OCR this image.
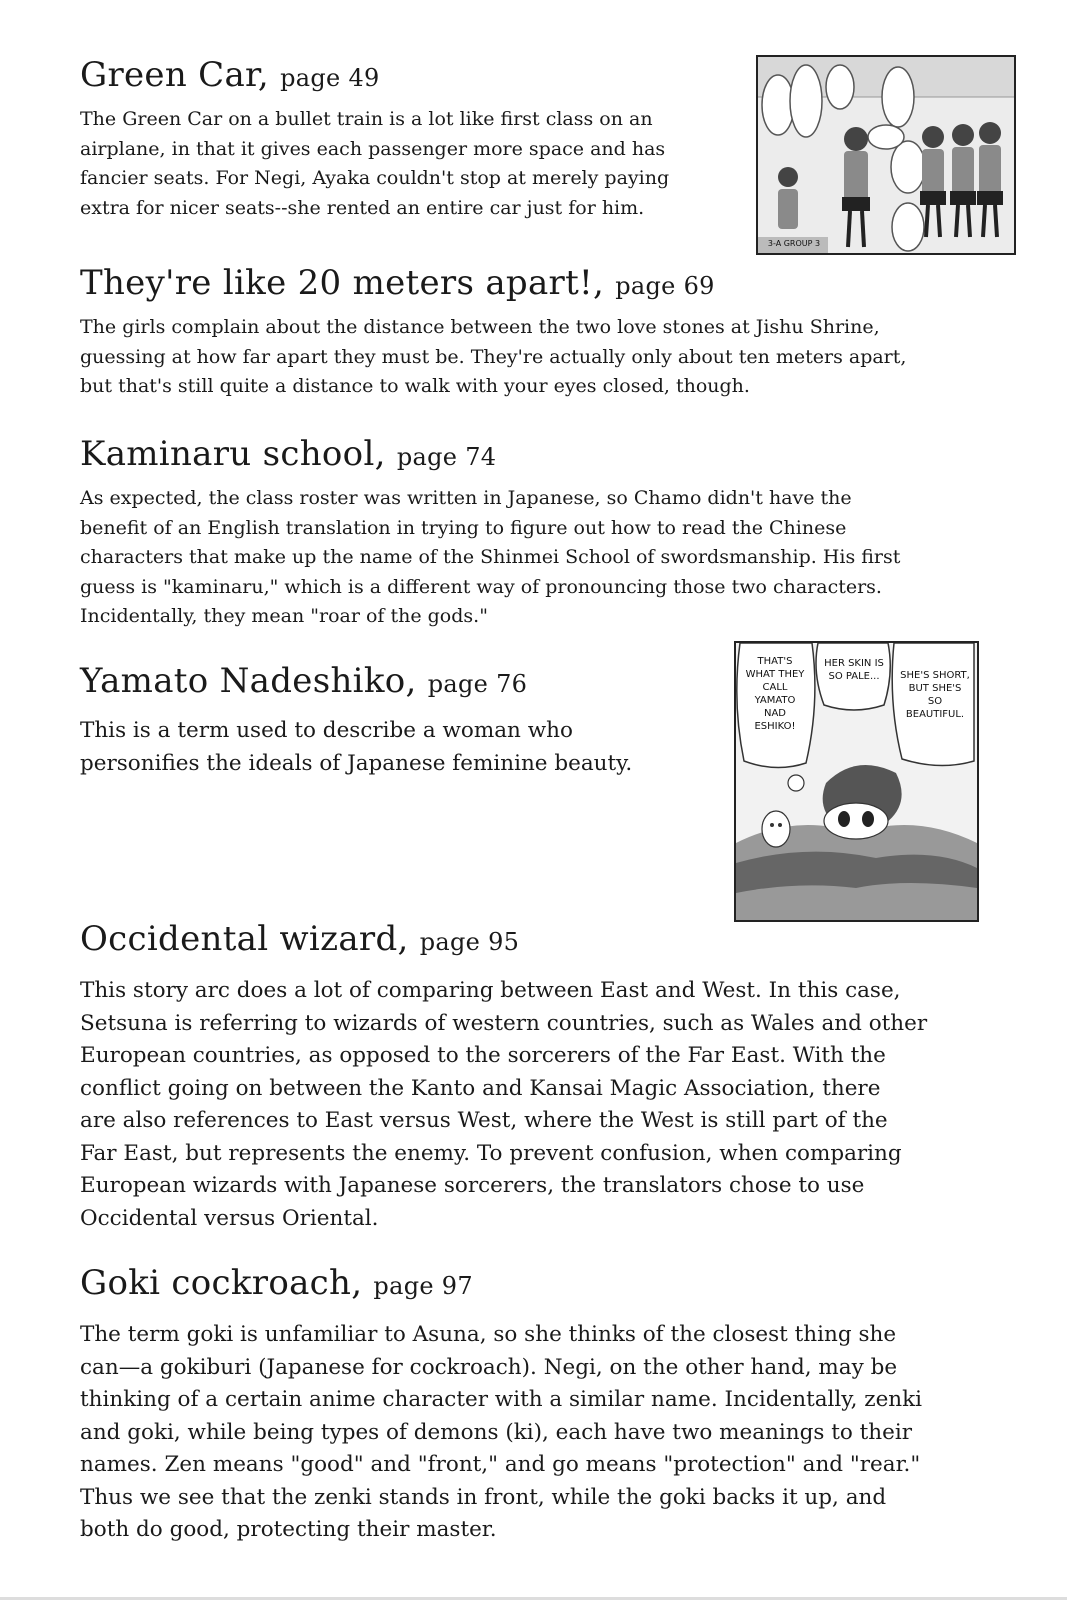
Green Car, page 49

The Green Car on a bullet train is a lot like first class on an
airplane, in that it gives each passenger more space and has
fancier seats. For Negi, Ayaka couldn't stop at merely paying
extra for nicer seats--she rented an entire car just for him.

3-A GROUP 3
They're like 20 meters apart!, page 69

The girls complain about the distance between the two love stones at Jishu Shrine,
guessing at how far apart they must be. They're actually only about ten meters apart,
but that's still quite a distance to walk with your eyes closed, though.

Kaminaru school, page 74

As expected, the class roster was written in Japanese, so Chamo didn't have the
benefit of an English translation in trying to figure out how to read the Chinese
characters that make up the name of the Shinmei School of swordsmanship. His first
guess is "kaminaru," which is a different way of pronouncing those two characters.
Incidentally, they mean "roar of the gods."

Yamato Nadeshiko, page 76

This is a term used to describe a woman who
personifies the ideals of Japanese feminine beauty.

THAT'S WHAT THEY CALL YAMATO NAD ESHIKO!
HER SKIN IS SO PALE...	SHE'S SHORT, BUT SHE'S SO BEAUTIFUL.
Occidental wizard, page 95

This story arc does a lot of comparing between East and West. In this case,
Setsuna is referring to wizards of western countries, such as Wales and other
European countries, as opposed to the sorcerers of the Far East. With the
conflict going on between the Kanto and Kansai Magic Association, there
are also references to East versus West, where the West is still part of the
Far East, but represents the enemy. To prevent confusion, when comparing
European wizards with Japanese sorcerers, the translators chose to use
Occidental versus Oriental.

Goki cockroach, page 97

The term goki is unfamiliar to Asuna, so she thinks of the closest thing she
can—a gokiburi (Japanese for cockroach). Negi, on the other hand, may be
thinking of a certain anime character with a similar name. Incidentally, zenki
and goki, while being types of demons (ki), each have two meanings to their
names. Zen means "good" and "front," and go means "protection" and "rear."
Thus we see that the zenki stands in front, while the goki backs it up, and
both do good, protecting their master.
